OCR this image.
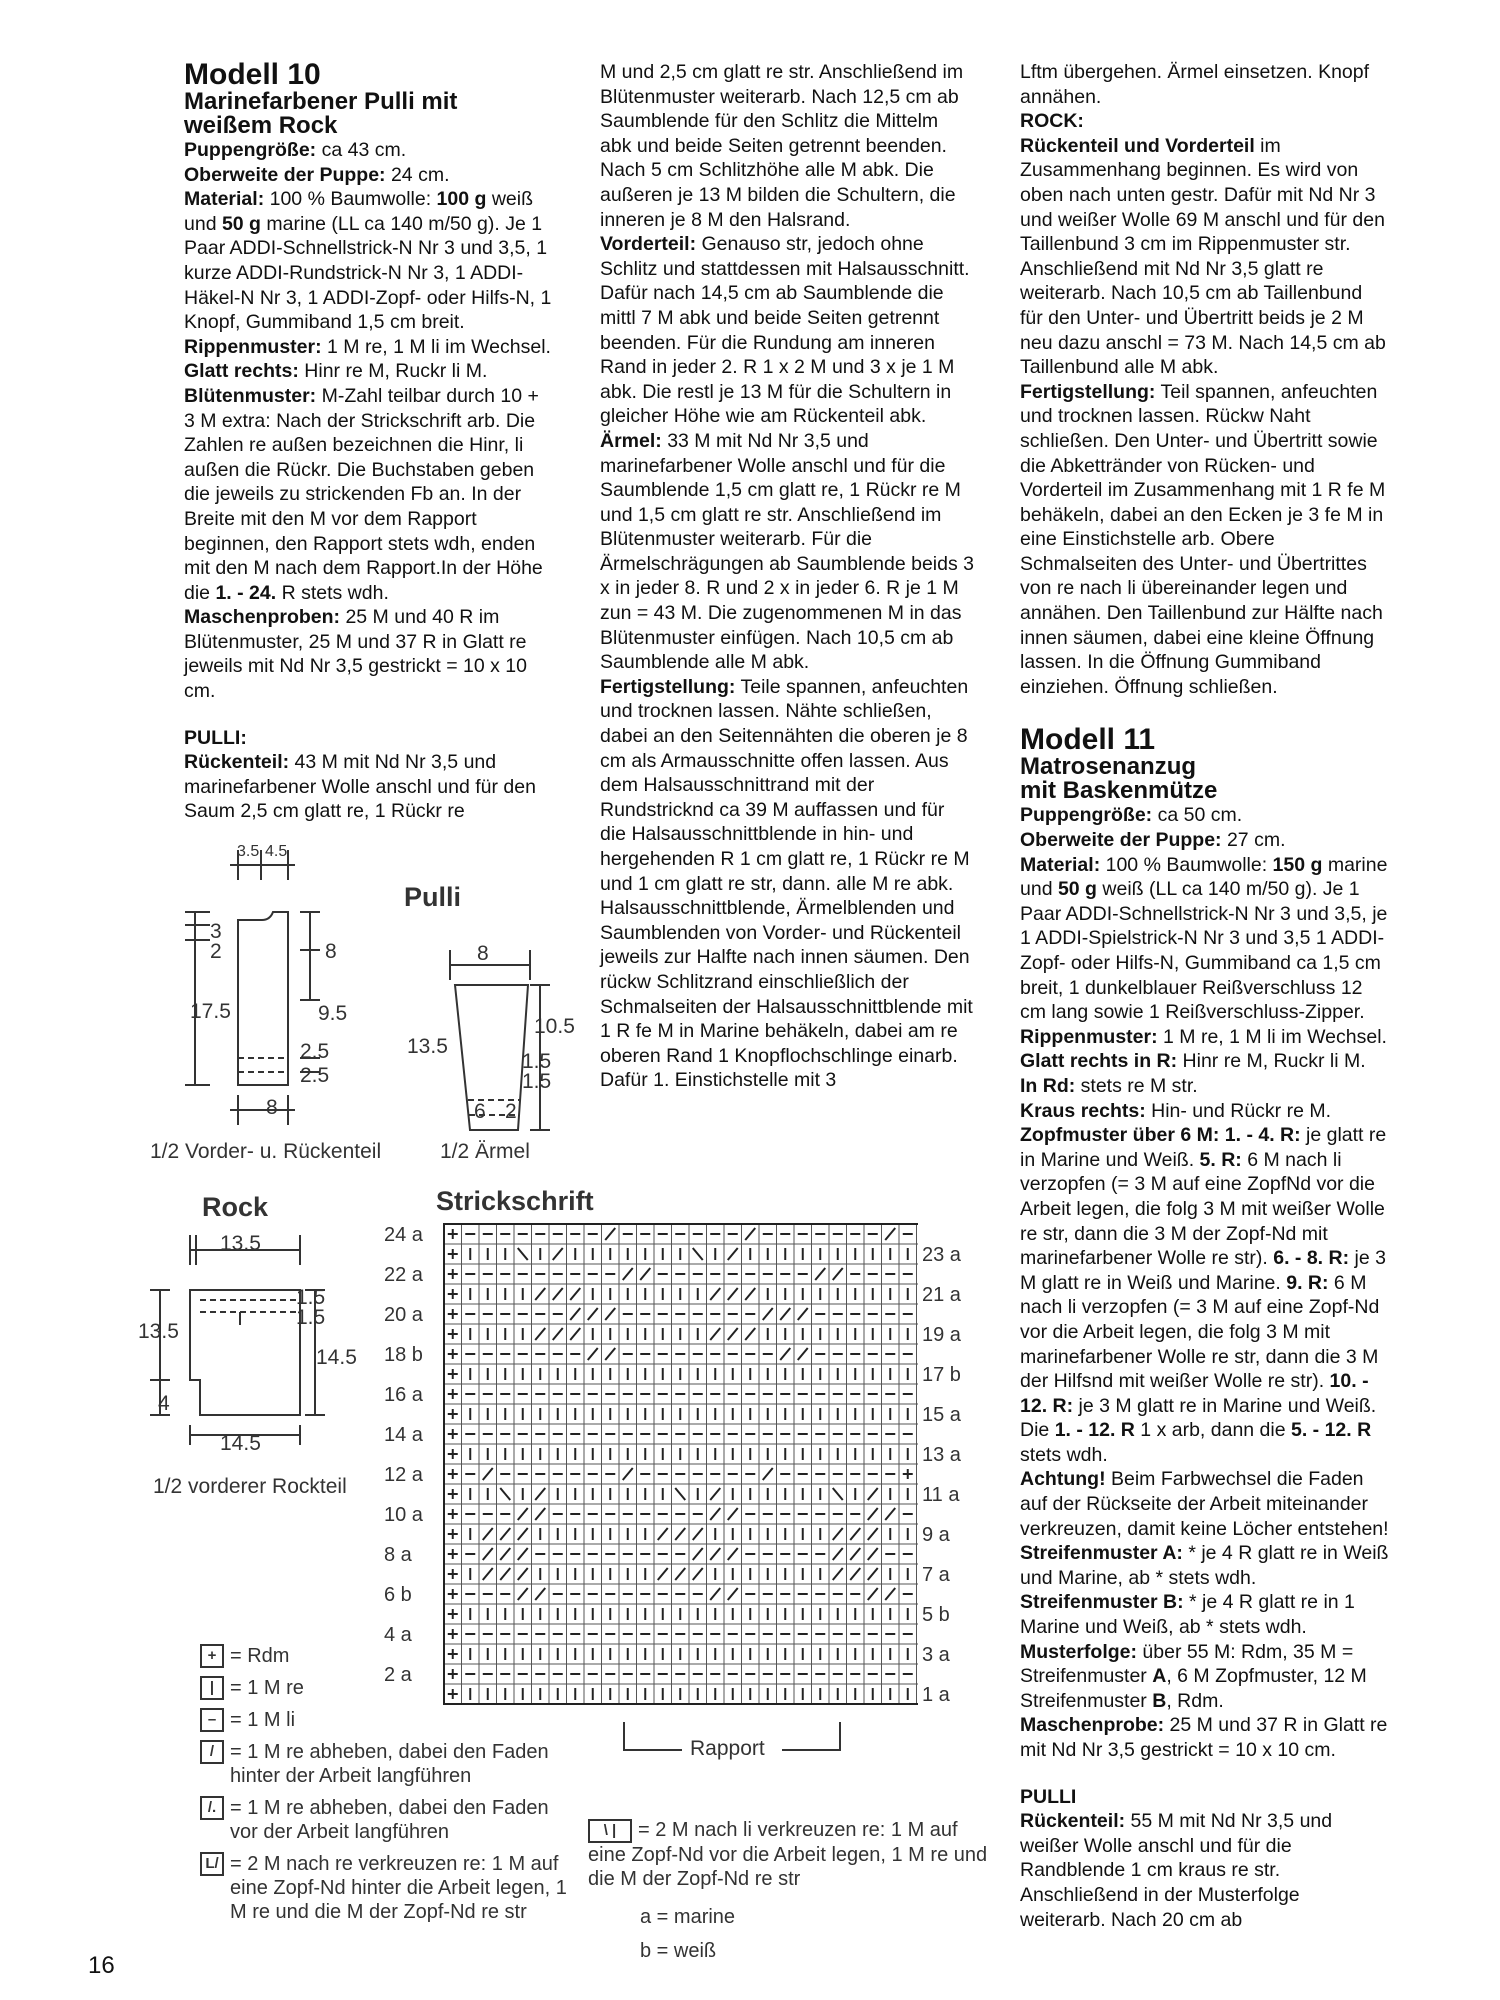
Modell 10
Marinefarbener Pulli mit
weißem Rock

Puppengröße: ca 43 cm.

Oberweite der Puppe: 24 cm.

Material: 100 % Baumwolle: 100 g weiß und 50 g marine (LL ca 140 m/50 g). Je 1 Paar ADDI-Schnellstrick-N Nr 3 und 3,5, 1 kurze ADDI-Rundstrick-N Nr 3, 1 ADDI-Häkel-N Nr 3, 1 ADDI-Zopf- oder Hilfs-N, 1 Knopf, Gummiband 1,5 cm breit.

Rippenmuster: 1 M re, 1 M li im Wechsel.

Glatt rechts: Hinr re M, Ruckr li M.

Blütenmuster: M-Zahl teilbar durch 10 + 3 M extra: Nach der Strickschrift arb. Die Zahlen re außen bezeichnen die Hinr, li außen die Rückr. Die Buchstaben geben die jeweils zu strickenden Fb an. In der Breite mit den M vor dem Rapport beginnen, den Rapport stets wdh, enden mit den M nach dem Rapport.In der Höhe die 1. - 24. R stets wdh.

Maschenproben: 25 M und 40 R im Blütenmuster, 25 M und 37 R in Glatt re jeweils mit Nd Nr 3,5 gestrickt = 10 x 10 cm.

PULLI:

Rückenteil: 43 M mit Nd Nr 3,5 und marinefarbener Wolle anschl und für den Saum 2,5 cm glatt re, 1 Rückr re

M und 2,5 cm glatt re str. Anschließend im Blütenmuster weiterarb. Nach 12,5 cm ab Saumblende für den Schlitz die Mittelm abk und beide Seiten getrennt beenden. Nach 5 cm Schlitzhöhe alle M abk. Die außeren je 13 M bilden die Schultern, die inneren je 8 M den Halsrand.

Vorderteil: Genauso str, jedoch ohne Schlitz und stattdessen mit Halsausschnitt. Dafür nach 14,5 cm ab Saumblende die mittl 7 M abk und beide Seiten getrennt beenden. Für die Rundung am inneren Rand in jeder 2. R 1 x 2 M und 3 x je 1 M abk. Die restl je 13 M für die Schultern in gleicher Höhe wie am Rückenteil abk.

Ärmel: 33 M mit Nd Nr 3,5 und marinefarbener Wolle anschl und für die Saumblende 1,5 cm glatt re, 1 Rückr re M und 1,5 cm glatt re str. Anschließend im Blütenmuster weiterarb. Für die Ärmelschrägungen ab Saumblende beids 3 x in jeder 8. R und 2 x in jeder 6. R je 1 M zun = 43 M. Die zugenommenen M in das Blütenmuster einfügen. Nach 10,5 cm ab Saumblende alle M abk.

Fertigstellung: Teile spannen, anfeuchten und trocknen lassen. Nähte schließen, dabei an den Seitennähten die oberen je 8 cm als Armausschnitte offen lassen. Aus dem Halsausschnittrand mit der Rundstricknd ca 39 M auffassen und für die Halsausschnittblende in hin- und hergehenden R 1 cm glatt re, 1 Rückr re M und 1 cm glatt re str, dann. alle M re abk. Halsausschnittblende, Ärmelblenden und Saumblenden von Vorder- und Rückenteil jeweils zur Halfte nach innen säumen. Den rückw Schlitzrand einschließlich der Schmalseiten der Halsausschnittblende mit 1 R fe M in Marine behäkeln, dabei am re oberen Rand 1 Knopflochschlinge einarb. Dafür 1. Einstichstelle mit 3

Lftm übergehen. Ärmel einsetzen. Knopf annähen.

ROCK:

Rückenteil und Vorderteil im Zusammenhang beginnen. Es wird von oben nach unten gestr. Dafür mit Nd Nr 3 und weißer Wolle 69 M anschl und für den Taillenbund 3 cm im Rippenmuster str. Anschließend mit Nd Nr 3,5 glatt re weiterarb. Nach 10,5 cm ab Taillenbund für den Unter- und Übertritt beids je 2 M neu dazu anschl = 73 M. Nach 14,5 cm ab Taillenbund alle M abk.

Fertigstellung: Teil spannen, anfeuchten und trocknen lassen. Rückw Naht schließen. Den Unter- und Übertritt sowie die Abkettränder von Rücken- und Vorderteil im Zusammenhang mit 1 R fe M behäkeln, dabei an den Ecken je 3 fe M in eine Einstichstelle arb. Obere Schmalseiten des Unter- und Übertrittes von re nach li übereinander legen und annähen. Den Taillenbund zur Hälfte nach innen säumen, dabei eine kleine Öffnung lassen. In die Öffnung Gummiband einziehen. Öffnung schließen.

Modell 11
Matrosenanzug
mit Baskenmütze

Puppengröße: ca 50 cm.

Oberweite der Puppe: 27 cm.

Material: 100 % Baumwolle: 150 g marine und 50 g weiß (LL ca 140 m/50 g). Je 1 Paar ADDI-Schnellstrick-N Nr 3 und 3,5, je 1 ADDI-Spielstrick-N Nr 3 und 3,5 1 ADDI-Zopf- oder Hilfs-N, Gummiband ca 1,5 cm breit, 1 dunkelblauer Reißverschluss 12 cm lang sowie 1 Reißverschluss-Zipper.

Rippenmuster: 1 M re, 1 M li im Wechsel.

Glatt rechts in R: Hinr re M, Ruckr li M.

In Rd: stets re M str.

Kraus rechts: Hin- und Rückr re M.

Zopfmuster über 6 M: 1. - 4. R: je glatt re in Marine und Weiß. 5. R: 6 M nach li verzopfen (= 3 M auf eine ZopfNd vor die Arbeit legen, die folg 3 M mit weißer Wolle re str, dann die 3 M der Zopf-Nd mit marinefarbener Wolle re str). 6. - 8. R: je 3 M glatt re in Weiß und Marine. 9. R: 6 M nach li verzopfen (= 3 M auf eine Zopf-Nd vor die Arbeit legen, die folg 3 M mit marinefarbener Wolle re str, dann die 3 M der Hilfsnd mit weißer Wolle re str). 10. - 12. R: je 3 M glatt re in Marine und Weiß. Die 1. - 12. R 1 x arb, dann die 5. - 12. R stets wdh.

Achtung! Beim Farbwechsel die Faden auf der Rückseite der Arbeit miteinander verkreuzen, damit keine Löcher entstehen!

Streifenmuster A: * je 4 R glatt re in Weiß und Marine, ab * stets wdh.

Streifenmuster B: * je 4 R glatt re in 1 Marine und Weiß, ab * stets wdh.

Musterfolge: über 55 M: Rdm, 35 M = Streifenmuster A, 6 M Zopfmuster, 12 M Streifenmuster B, Rdm.

Maschenprobe: 25 M und 37 R in Glatt re mit Nd Nr 3,5 gestrickt = 10 x 10 cm.

PULLI

Rückenteil: 55 M mit Nd Nr 3,5 und weißer Wolle anschl und für die Randblende 1 cm kraus re str. Anschließend in der Musterfolge weiterarb. Nach 20 cm ab

3.5 4.5
3
2	8
17.5	9.5
2.5
2.5
8
1/2 Vorder- u. Rückenteil
Pulli
8
13.5
10.5
1.5
1.5
6 2
1/2 Ärmel
Rock
13.5
13.5
1.5
1.5
14.5
4
14.5
1/2 vorderer Rockteil
Strickschrift
24 a
22 a
20 a
18 b
16 a
14 a
12 a
10 a
8 a
6 b
4 a
2 a
23 a
21 a
19 a
17 b
15 a
13 a
11 a
9 a
7 a
5 b
3 a
1 a
Rapport
+ = Rdm
| = 1 M re
– = 1 M li
/ = 1 M re abheben, dabei den Faden hinter der Arbeit langführen
/. = 1 M re abheben, dabei den Faden vor der Arbeit langführen
L/ = 2 M nach re verkreuzen re: 1 M auf eine Zopf-Nd hinter die Arbeit legen, 1 M re und die M der Zopf-Nd re str
\ | = 2 M nach li verkreuzen re: 1 M auf eine Zopf-Nd vor die Arbeit legen, 1 M re und die M der Zopf-Nd re str
a = marine
b = weiß
16
